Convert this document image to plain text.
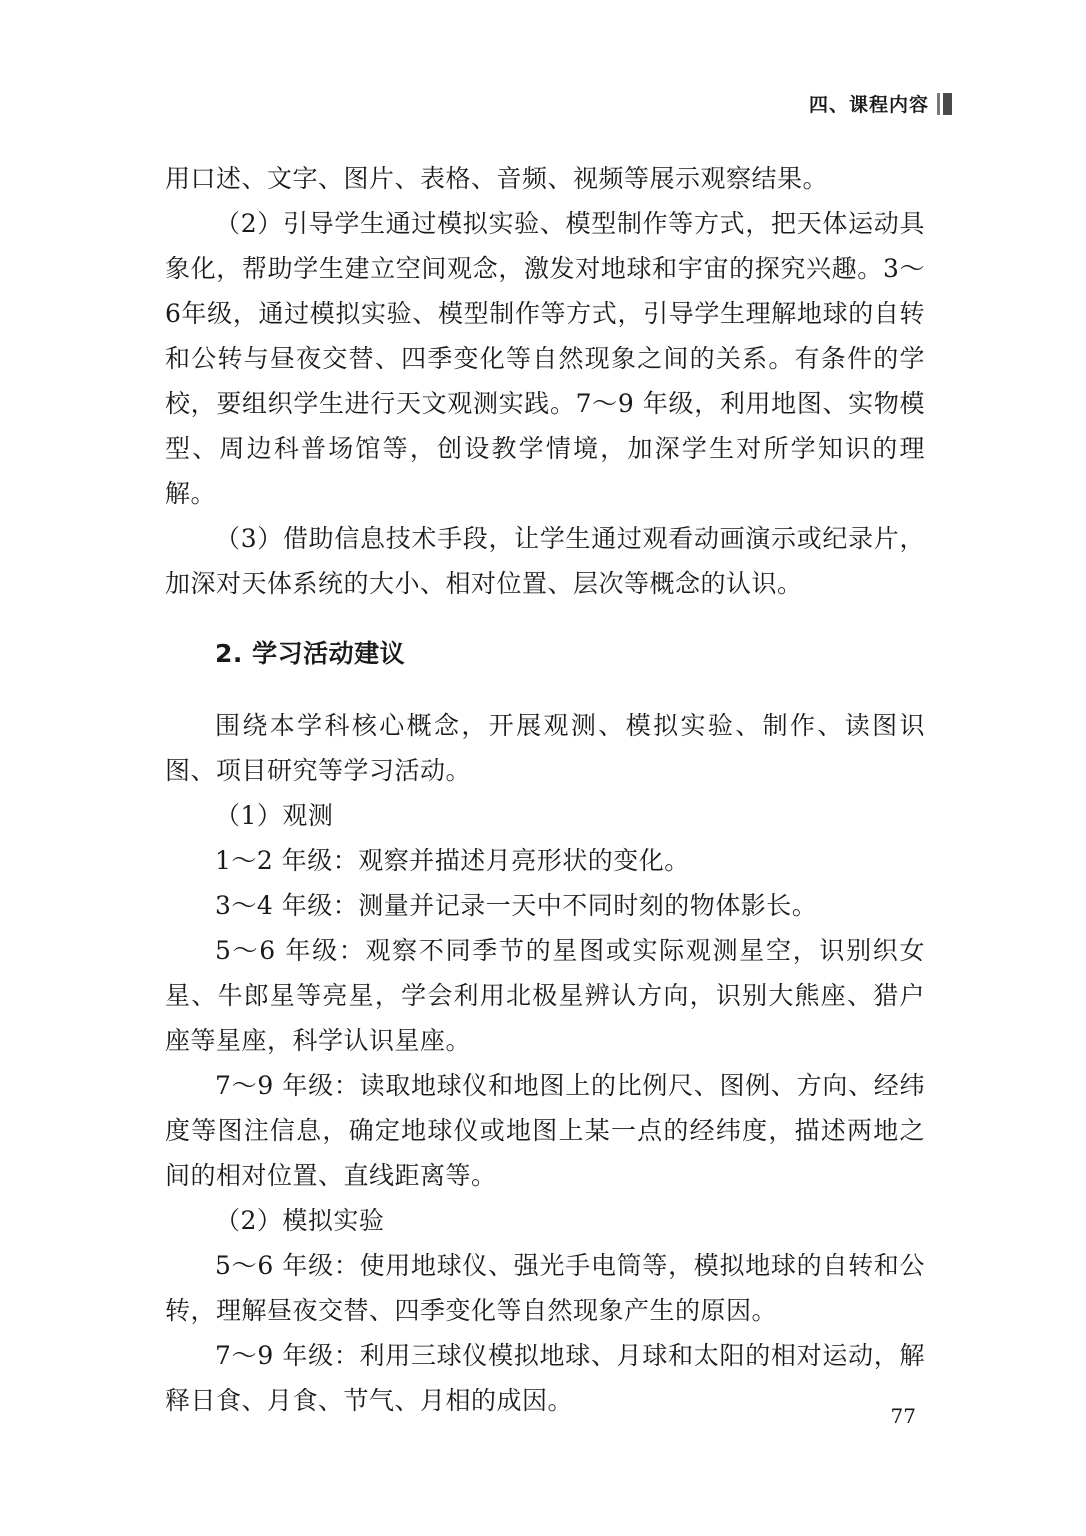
四、课程内容

用口述、文字、图片、表格、音频、视频等展示观察结果。

（2）引导学生通过模拟实验、模型制作等方式，把天体运动具象化，帮助学生建立空间观念，激发对地球和宇宙的探究兴趣。3～6年级，通过模拟实验、模型制作等方式，引导学生理解地球的自转和公转与昼夜交替、四季变化等自然现象之间的关系。有条件的学校，要组织学生进行天文观测实践。7～9 年级，利用地图、实物模型、周边科普场馆等，创设教学情境，加深学生对所学知识的理解。

（3）借助信息技术手段，让学生通过观看动画演示或纪录片，加深对天体系统的大小、相对位置、层次等概念的认识。

2. 学习活动建议

围绕本学科核心概念，开展观测、模拟实验、制作、读图识图、项目研究等学习活动。

（1）观测

1～2 年级：观察并描述月亮形状的变化。

3～4 年级：测量并记录一天中不同时刻的物体影长。

5～6 年级：观察不同季节的星图或实际观测星空，识别织女星、牛郎星等亮星，学会利用北极星辨认方向，识别大熊座、猎户座等星座，科学认识星座。

7～9 年级：读取地球仪和地图上的比例尺、图例、方向、经纬度等图注信息，确定地球仪或地图上某一点的经纬度，描述两地之间的相对位置、直线距离等。

（2）模拟实验

5～6 年级：使用地球仪、强光手电筒等，模拟地球的自转和公转，理解昼夜交替、四季变化等自然现象产生的原因。

7～9 年级：利用三球仪模拟地球、月球和太阳的相对运动，解释日食、月食、节气、月相的成因。

77
